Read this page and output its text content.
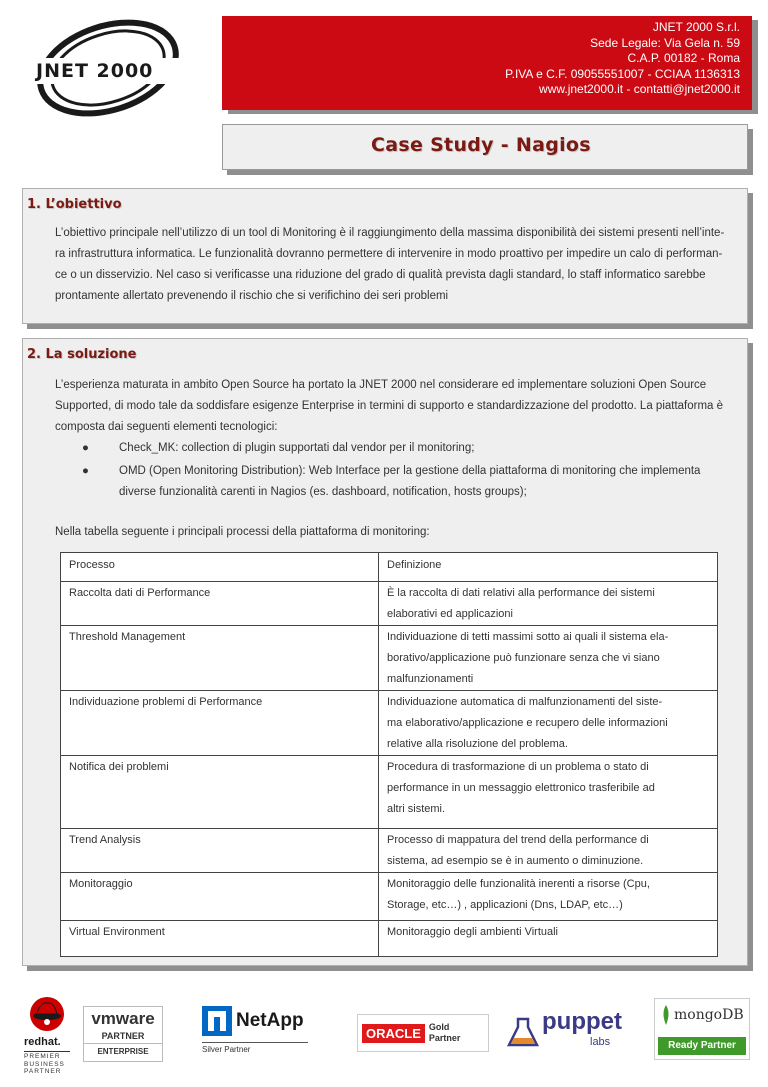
JNET 2000
JNET 2000 S.r.l.
Sede Legale: Via Gela n. 59
C.A.P. 00182 - Roma
P.IVA e C.F. 09055551007 - CCIAA 1136313
www.jnet2000.it - contatti@jnet2000.it
Case Study - Nagios
1. L’obiettivo
L’obiettivo principale nell’utilizzo di un tool di Monitoring è il raggiungimento della massima disponibilità dei sistemi presenti nell’inte-
ra infrastruttura informatica. Le funzionalità dovranno permettere di intervenire in modo proattivo per impedire un calo di performan-
ce o un disservizio. Nel caso si verificasse una riduzione del grado di qualità prevista dagli standard, lo staff informatico sarebbe
prontamente allertato prevenendo il rischio che si verifichino dei seri problemi
2. La soluzione
L’esperienza maturata in ambito Open Source ha portato la JNET 2000 nel considerare ed implementare soluzioni Open Source
Supported, di modo tale da soddisfare esigenze Enterprise in termini di supporto e standardizzazione del prodotto. La piattaforma è
composta dai seguenti elementi tecnologici:
●	Check_MK: collection di plugin supportati dal vendor per il monitoring;
●	OMD (Open Monitoring Distribution): Web Interface per la gestione della piattaforma di monitoring che implementa
diverse funzionalità carenti in Nagios (es. dashboard, notification, hosts groups);
Nella tabella seguente i principali processi della piattaforma di monitoring:
Processo	Definizione
Raccolta dati di Performance	È la raccolta di dati relativi alla performance dei sistemi
elaborativi ed applicazioni

Threshold Management	Individuazione di tetti massimi sotto ai quali il sistema ela-
borativo/applicazione può funzionare senza che vi siano
malfunzionamenti

Individuazione problemi di Performance	Individuazione automatica di malfunzionamenti del siste-
ma elaborativo/applicazione e recupero delle informazioni
relative alla risoluzione del problema.

Notifica dei problemi	Procedura di trasformazione di un problema o stato di
performance in un messaggio elettronico trasferibile ad
altri sistemi.

Trend Analysis	Processo di mappatura del trend della performance di
sistema, ad esempio se è in aumento o diminuzione.

Monitoraggio	Monitoraggio delle funzionalità inerenti a risorse (Cpu,
Storage, etc…) , applicazioni (Dns, LDAP, etc…)

Virtual Environment	Monitoraggio degli ambienti Virtuali
redhat.
PREMIER
BUSINESS
PARTNER
vmware
PARTNER
ENTERPRISE
NetApp
Silver Partner
ORACLE Gold
Partner
puppet
labs
mongoDB
Ready Partner
